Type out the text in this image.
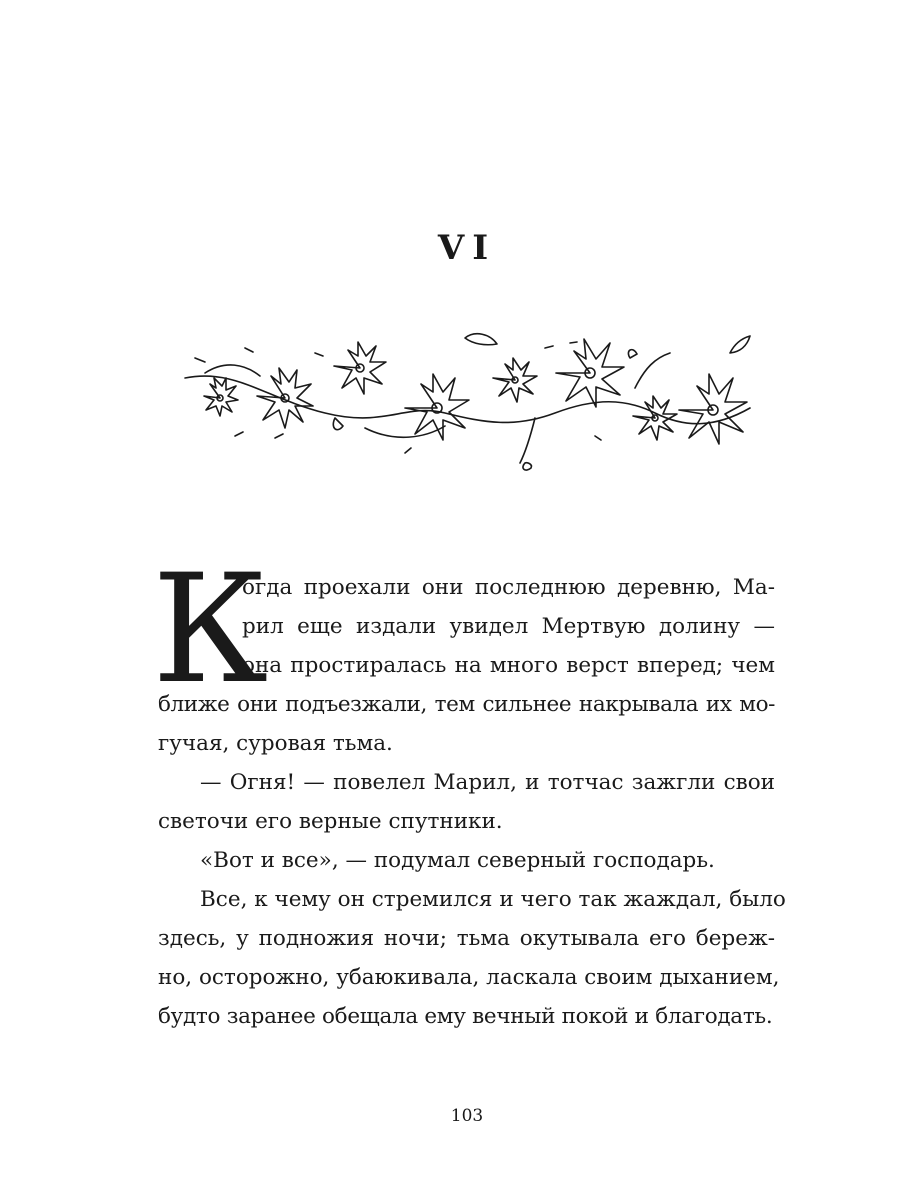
VI
К
огда проехали они последнюю деревню, Ма-
рил еще издали увидел Мертвую долину —
она простиралась на много верст вперед; чем
ближе они подъезжали, тем сильнее накрывала их мо-
гучая, суровая тьма.
— Огня! — повелел Марил, и тотчас зажгли свои
светочи его верные спутники.
«Вот и все», — подумал северный господарь.
Все, к чему он стремился и чего так жаждал, было
здесь, у подножия ночи; тьма окутывала его береж-
но, осторожно, убаюкивала, ласкала своим дыханием,
будто заранее обещала ему вечный покой и благодать.
103
